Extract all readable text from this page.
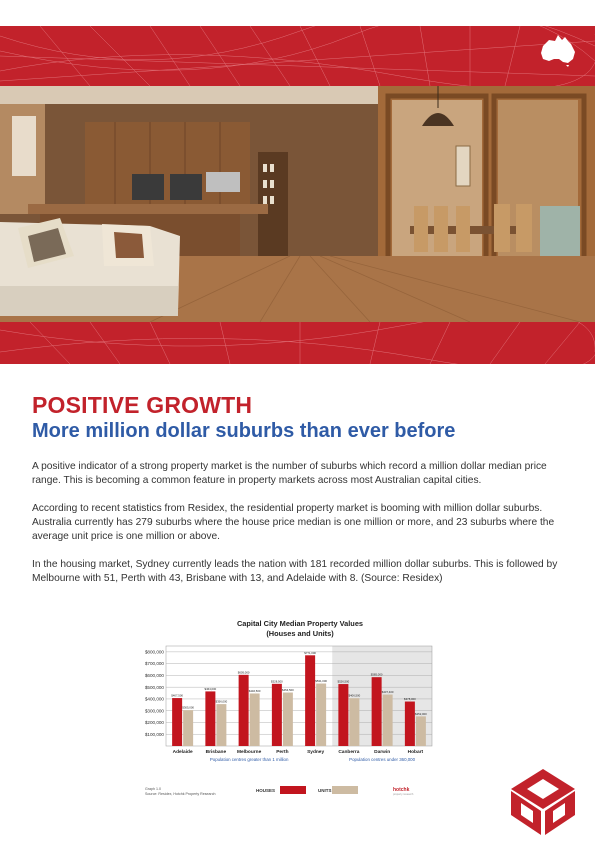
POSITIVE GROWTH
More million dollar suburbs than ever before

A positive indicator of a strong property market is the number of suburbs which record a million dollar median price range. This is becoming a common feature in property markets across most Australian capital cities.

According to recent statistics from Residex, the residential property market is booming with million dollar suburbs. Australia currently has 279 suburbs where the house price median is one million or more, and 23 suburbs where the average unit price is one million or above.

In the housing market, Sydney currently leads the nation with 181 recorded million dollar suburbs. This is followed by Melbourne with 51, Perth with 43, Brisbane with 13, and Adelaide with 8. (Source: Residex)

Capital City Median Property Values
(Houses and Units)
$100,000
$200,000
$300,000
$400,000
$500,000
$600,000
$700,000
$800,000
$407,500
$305,000
Adelaide
$464,000
$356,000
Brisbane
$605,000
$446,500
Melbourne
$528,500
$454,500
Perth
$771,000
$531,000
Sydney
$526,500
$406,500
Canberra
$585,000
$437,400
Darwin
$378,000
$252,000
Hobart
Population centres greater than 1 million	Population centres under 360,000
Graph 1.0
Source: Residex, Hotchk Property Research
HOUSES	UNITS	hotchk
property research
